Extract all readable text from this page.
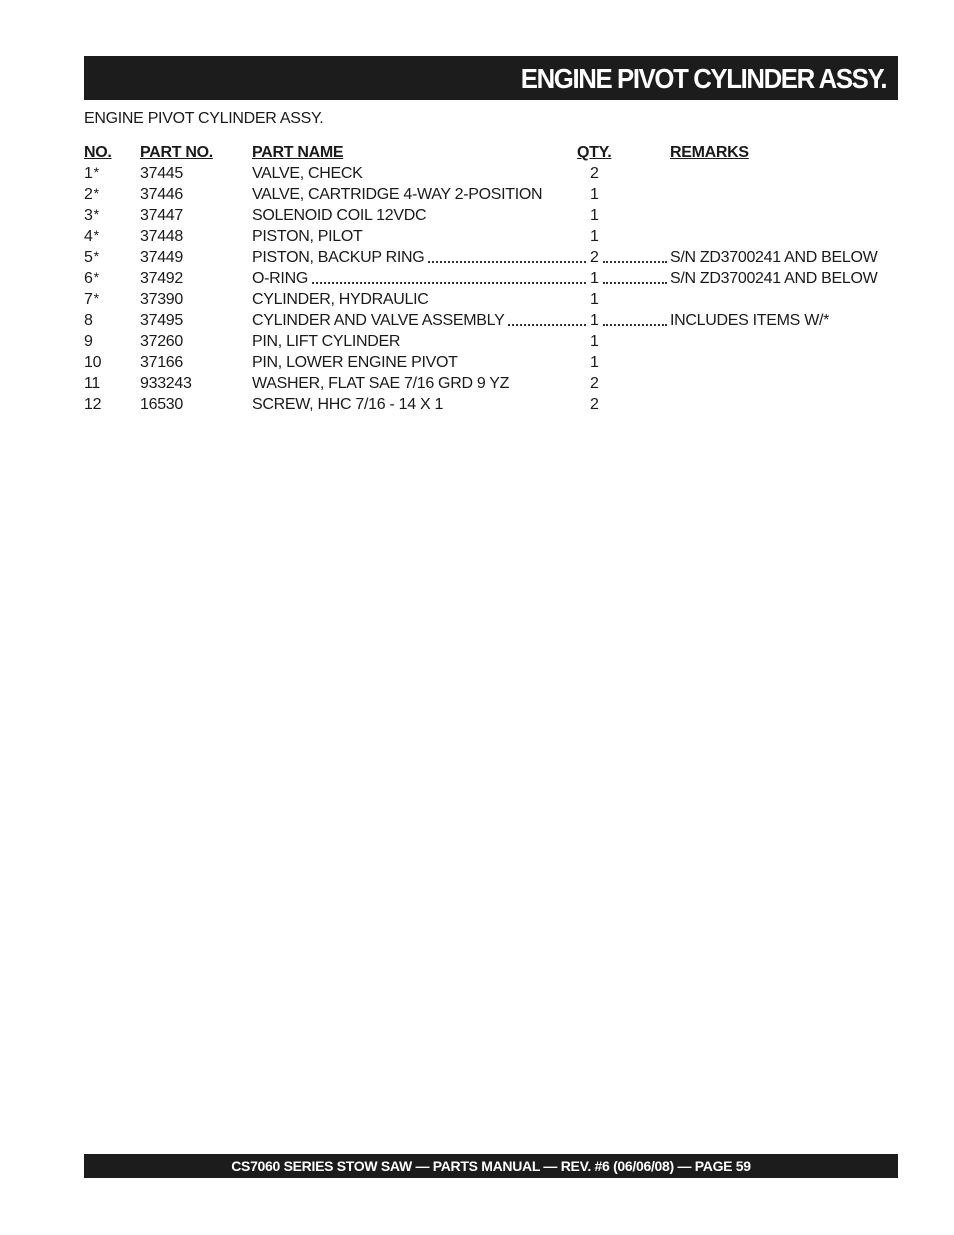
ENGINE PIVOT CYLINDER ASSY.
ENGINE PIVOT CYLINDER ASSY.
NO. PART NO. PART NAME	QTY.	REMARKS
1*	37445	VALVE, CHECK	2
2*	37446	VALVE, CARTRIDGE 4-WAY 2-POSITION	1
3*	37447	SOLENOID COIL 12VDC	1
4*	37448	PISTON, PILOT	1
5*	37449	PISTON, BACKUP RING	2	S/N ZD3700241 AND BELOW
6*	37492	O-RING	1	S/N ZD3700241 AND BELOW
7*	37390	CYLINDER, HYDRAULIC	1
8	37495	CYLINDER AND VALVE ASSEMBLY	1	INCLUDES ITEMS W/*
9	37260	PIN, LIFT CYLINDER	1
10 37166	PIN, LOWER ENGINE PIVOT	1
11 933243	WASHER, FLAT SAE 7/16 GRD 9 YZ	2
12 16530	SCREW, HHC 7/16 - 14 X 1	2
CS7060 SERIES STOW SAW — PARTS MANUAL — REV. #6 (06/06/08) — PAGE 59
